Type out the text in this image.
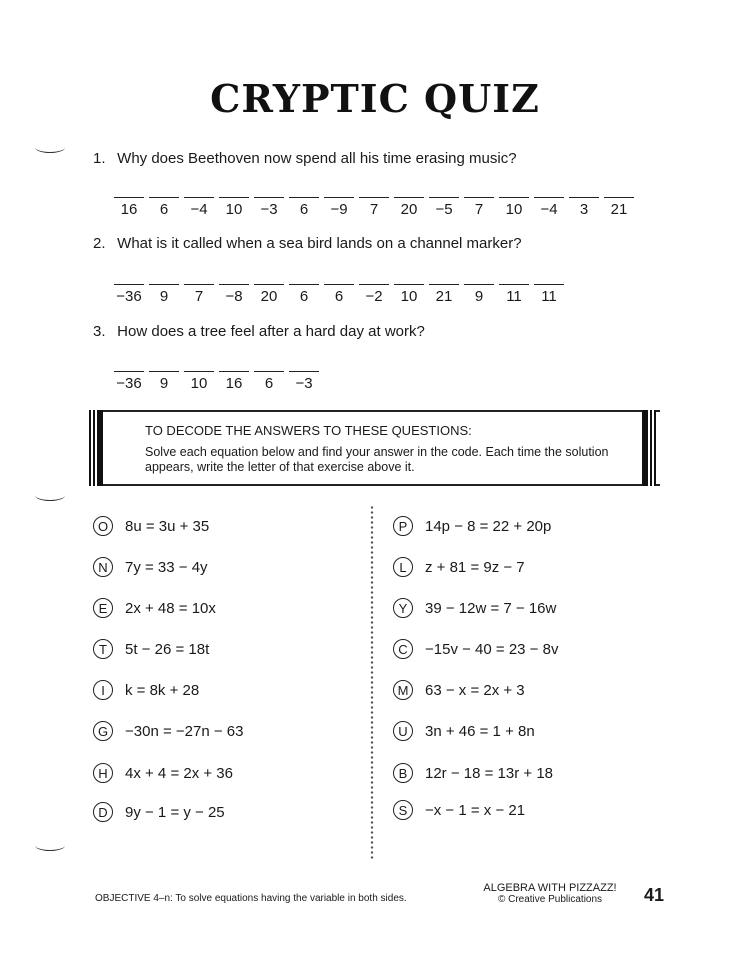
CRYPTIC QUIZ
1. Why does Beethoven now spend all his time erasing music?
16	6	−4	10	−3	6	−9	7	20	−5	7	10	−4	3	21
2. What is it called when a sea bird lands on a channel marker?
−36	9	7	−8	20	6	6	−2	10	21	9	11	11
3. How does a tree feel after a hard day at work?
−36	9	10	16	6	−3
TO DECODE THE ANSWERS TO THESE QUESTIONS:
Solve each equation below and find your answer in the code. Each time the solution appears, write the letter of that exercise above it.
O	8u = 3u + 35
N	7y = 33 − 4y
E	2x + 48 = 10x
T	5t − 26 = 18t
I	k = 8k + 28
G	−30n = −27n − 63
H	4x + 4 = 2x + 36
D	9y − 1 = y − 25
P	14p − 8 = 22 + 20p
L	z + 81 = 9z − 7
Y	39 − 12w = 7 − 16w
C	−15v − 40 = 23 − 8v
M	63 − x = 2x + 3
U	3n + 46 = 1 + 8n
B	12r − 18 = 13r + 18
S	−x − 1 = x − 21
OBJECTIVE 4–n: To solve equations having the variable in both sides.
ALGEBRA WITH PIZZAZZ!
© Creative Publications	41
